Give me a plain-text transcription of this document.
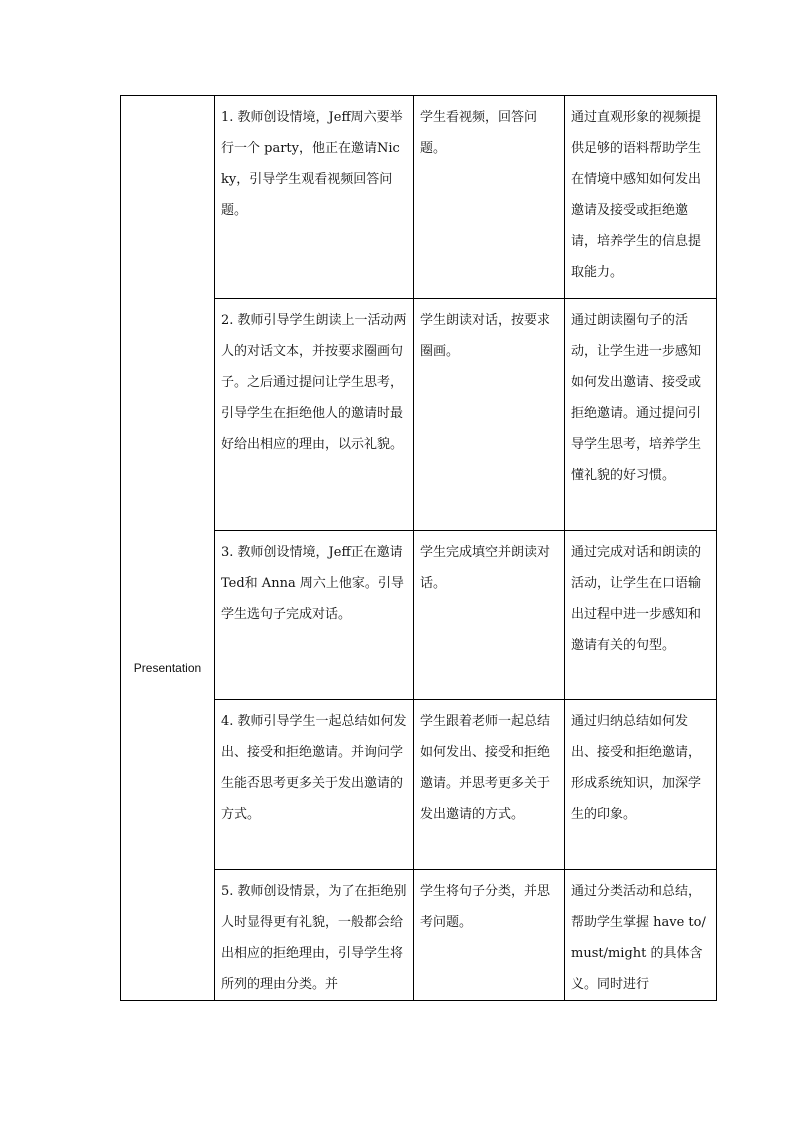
Presentation	1. 教师创设情境，Jeff周六要举行一个 party，他正在邀请Nicky，引导学生观看视频回答问题。	学生看视频，回答问题。	通过直观形象的视频提供足够的语料帮助学生在情境中感知如何发出邀请及接受或拒绝邀请，培养学生的信息提取能力。

	2. 教师引导学生朗读上一活动两人的对话文本，并按要求圈画句子。之后通过提问让学生思考，引导学生在拒绝他人的邀请时最好给出相应的理由，以示礼貌。	学生朗读对话，按要求圈画。	通过朗读圈句子的活动，让学生进一步感知如何发出邀请、接受或拒绝邀请。通过提问引导学生思考，培养学生懂礼貌的好习惯。

	3. 教师创设情境，Jeff正在邀请 Ted和 Anna 周六上他家。引导学生选句子完成对话。	学生完成填空并朗读对话。	通过完成对话和朗读的活动，让学生在口语输出过程中进一步感知和邀请有关的句型。

	4. 教师引导学生一起总结如何发出、接受和拒绝邀请。并询问学生能否思考更多关于发出邀请的方式。	学生跟着老师一起总结如何发出、接受和拒绝邀请。并思考更多关于发出邀请的方式。	通过归纳总结如何发出、接受和拒绝邀请，形成系统知识，加深学生的印象。

	5. 教师创设情景，为了在拒绝别人时显得更有礼貌，一般都会给出相应的拒绝理由，引导学生将所列的理由分类。并	学生将句子分类，并思考问题。	通过分类活动和总结，帮助学生掌握 have to/must/might 的具体含义。同时进行
